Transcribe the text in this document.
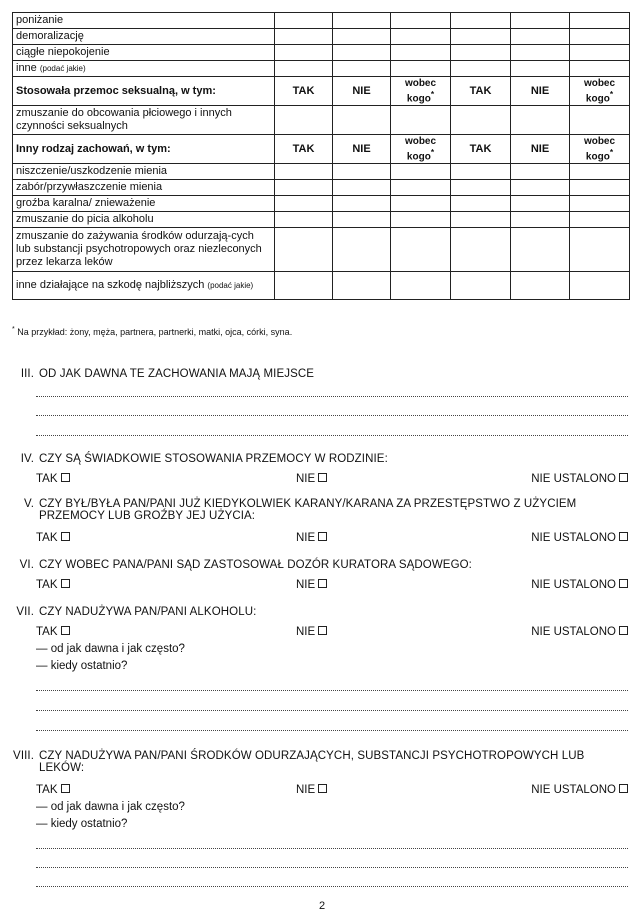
poniżanie						
demoralizację						
ciągłe niepokojenie						
inne (podać jakie)						
Stosowała przemoc seksualną, w tym:	TAK	NIE	wobec kogo*	TAK	NIE	wobec kogo*
zmuszanie do obcowania płciowego i innych czynności seksualnych						
Inny rodzaj zachowań, w tym:	TAK	NIE	wobec kogo*	TAK	NIE	wobec kogo*
niszczenie/uszkodzenie mienia						
zabór/przywłaszczenie mienia						
groźba karalna/ znieważenie						
zmuszanie do picia alkoholu						
zmuszanie do zażywania środków odurzają-cych lub substancji psychotropowych oraz niezleconych przez lekarza leków						
inne działające na szkodę najbliższych (podać jakie)						
* Na przykład: żony, męża, partnera, partnerki, matki, ojca, córki, syna.
III. OD JAK DAWNA TE ZACHOWANIA MAJĄ MIEJSCE
IV. CZY SĄ ŚWIADKOWIE STOSOWANIA PRZEMOCY W RODZINIE:
TAK	NIE	NIE USTALONO
V. CZY BYŁ/BYŁA PAN/PANI JUŻ KIEDYKOLWIEK KARANY/KARANA ZA PRZESTĘPSTWO Z UŻYCIEM PRZEMOCY LUB GROŹBY JEJ UŻYCIA:
TAK	NIE	NIE USTALONO
VI. CZY WOBEC PANA/PANI SĄD ZASTOSOWAŁ DOZÓR KURATORA SĄDOWEGO:
TAK	NIE	NIE USTALONO
VII. CZY NADUŻYWA PAN/PANI ALKOHOLU:
TAK	NIE	NIE USTALONO
— od jak dawna i jak często?
— kiedy ostatnio?
VIII. CZY NADUŻYWA PAN/PANI ŚRODKÓW ODURZAJĄCYCH, SUBSTANCJI PSYCHOTROPOWYCH LUB LEKÓW:
TAK	NIE	NIE USTALONO
— od jak dawna i jak często?
— kiedy ostatnio?
2
